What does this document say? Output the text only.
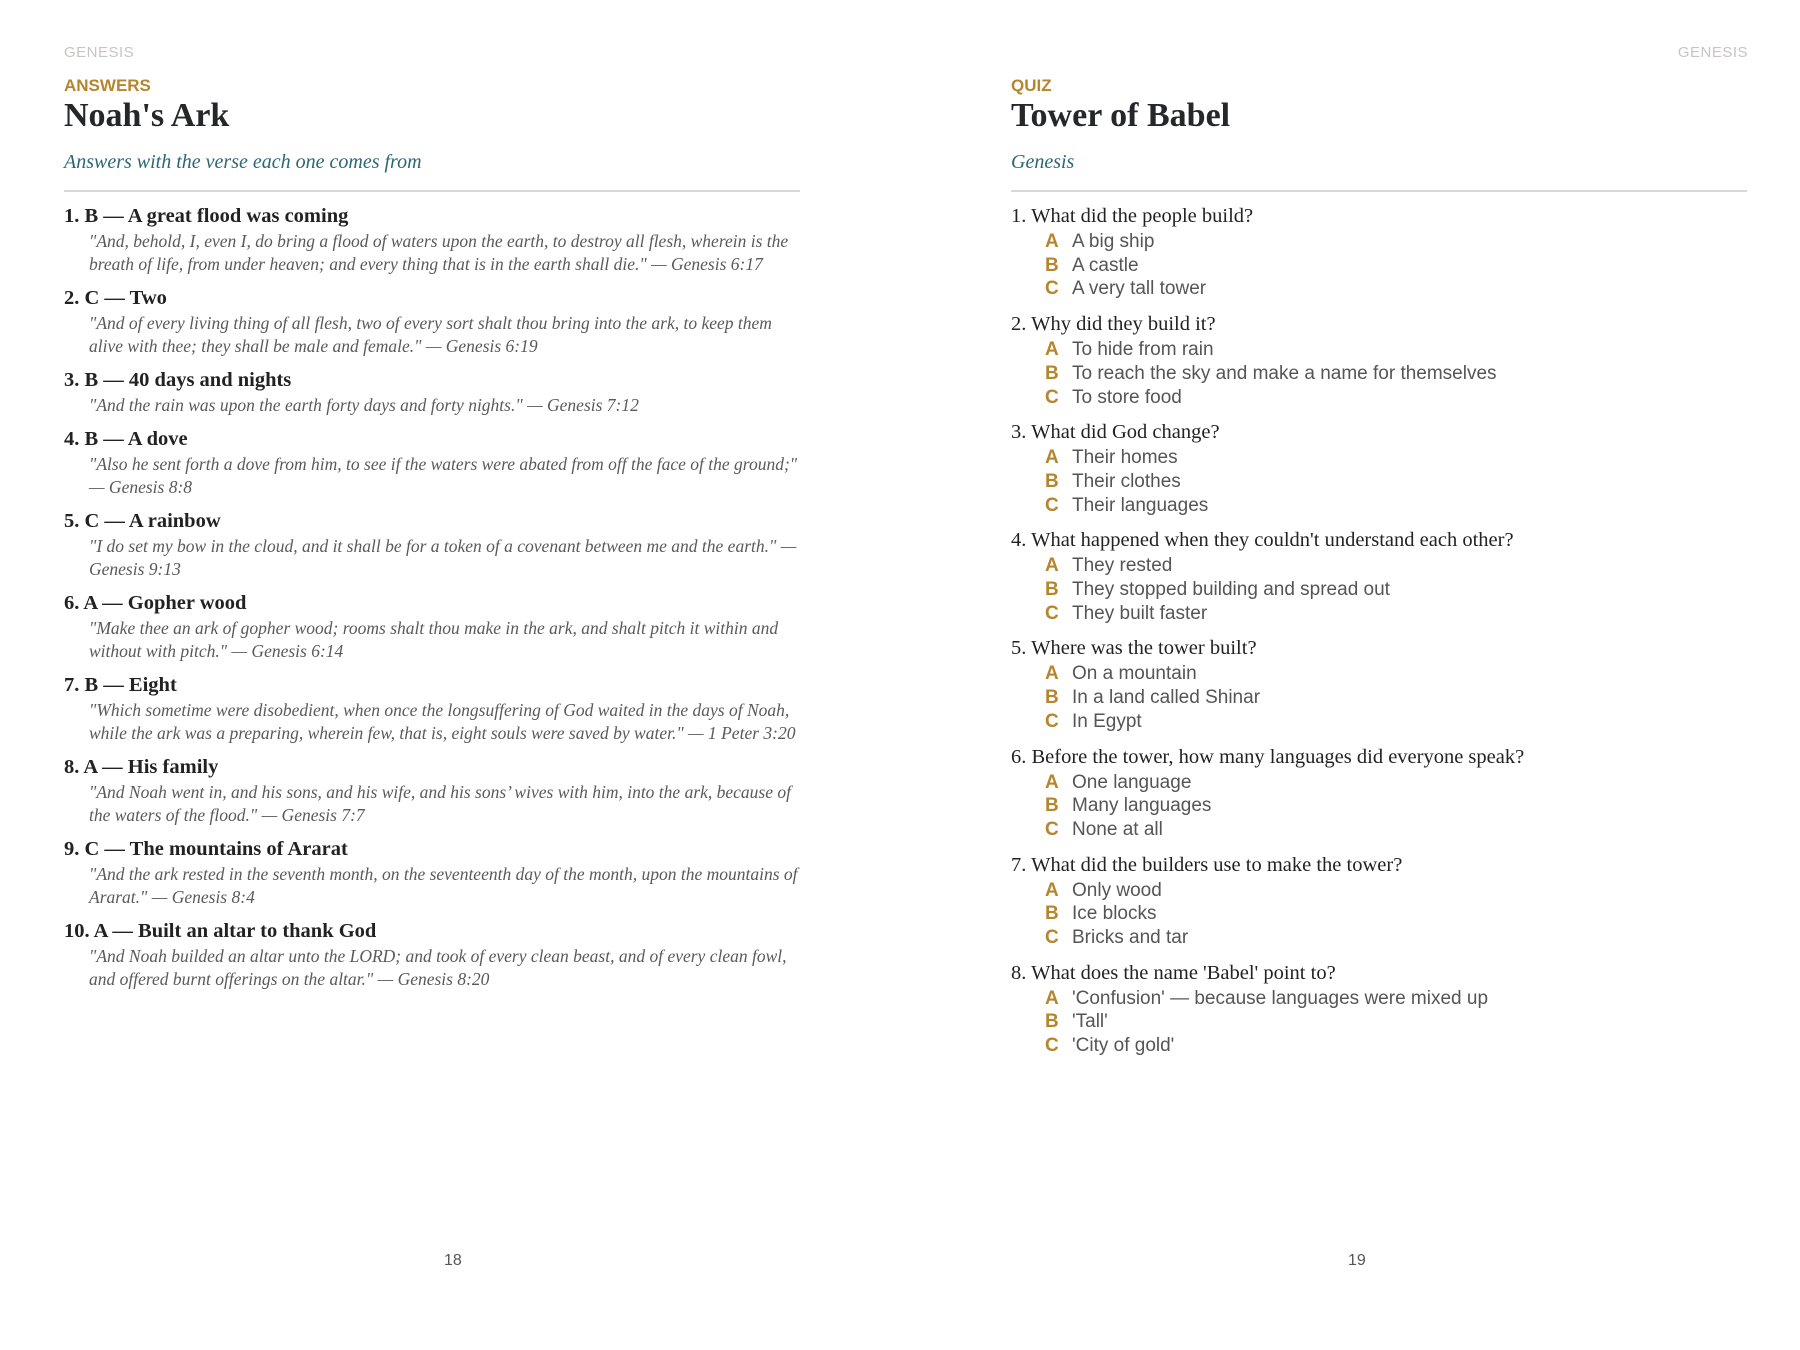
GENESIS
ANSWERS
Noah's Ark
Answers with the verse each one comes from
1. B — A great flood was coming
"And, behold, I, even I, do bring a flood of waters upon the earth, to destroy all flesh, wherein is the breath of life, from under heaven; and every thing that is in the earth shall die." — Genesis 6:17
2. C — Two
"And of every living thing of all flesh, two of every sort shalt thou bring into the ark, to keep them alive with thee; they shall be male and female." — Genesis 6:19
3. B — 40 days and nights
"And the rain was upon the earth forty days and forty nights." — Genesis 7:12
4. B — A dove
"Also he sent forth a dove from him, to see if the waters were abated from off the face of the ground;" — Genesis 8:8
5. C — A rainbow
"I do set my bow in the cloud, and it shall be for a token of a covenant between me and the earth." — Genesis 9:13
6. A — Gopher wood
"Make thee an ark of gopher wood; rooms shalt thou make in the ark, and shalt pitch it within and without with pitch." — Genesis 6:14
7. B — Eight
"Which sometime were disobedient, when once the longsuffering of God waited in the days of Noah, while the ark was a preparing, wherein few, that is, eight souls were saved by water." — 1 Peter 3:20
8. A — His family
"And Noah went in, and his sons, and his wife, and his sons’ wives with him, into the ark, because of the waters of the flood." — Genesis 7:7
9. C — The mountains of Ararat
"And the ark rested in the seventh month, on the seventeenth day of the month, upon the mountains of Ararat." — Genesis 8:4
10. A — Built an altar to thank God
"And Noah builded an altar unto the LORD; and took of every clean beast, and of every clean fowl, and offered burnt offerings on the altar." — Genesis 8:20
18
GENESIS
QUIZ
Tower of Babel
Genesis
1. What did the people build?
A A big ship
B A castle
C A very tall tower
2. Why did they build it?
A To hide from rain
B To reach the sky and make a name for themselves
C To store food
3. What did God change?
A Their homes
B Their clothes
C Their languages
4. What happened when they couldn't understand each other?
A They rested
B They stopped building and spread out
C They built faster
5. Where was the tower built?
A On a mountain
B In a land called Shinar
C In Egypt
6. Before the tower, how many languages did everyone speak?
A One language
B Many languages
C None at all
7. What did the builders use to make the tower?
A Only wood
B Ice blocks
C Bricks and tar
8. What does the name 'Babel' point to?
A 'Confusion' — because languages were mixed up
B 'Tall'
C 'City of gold'
19
